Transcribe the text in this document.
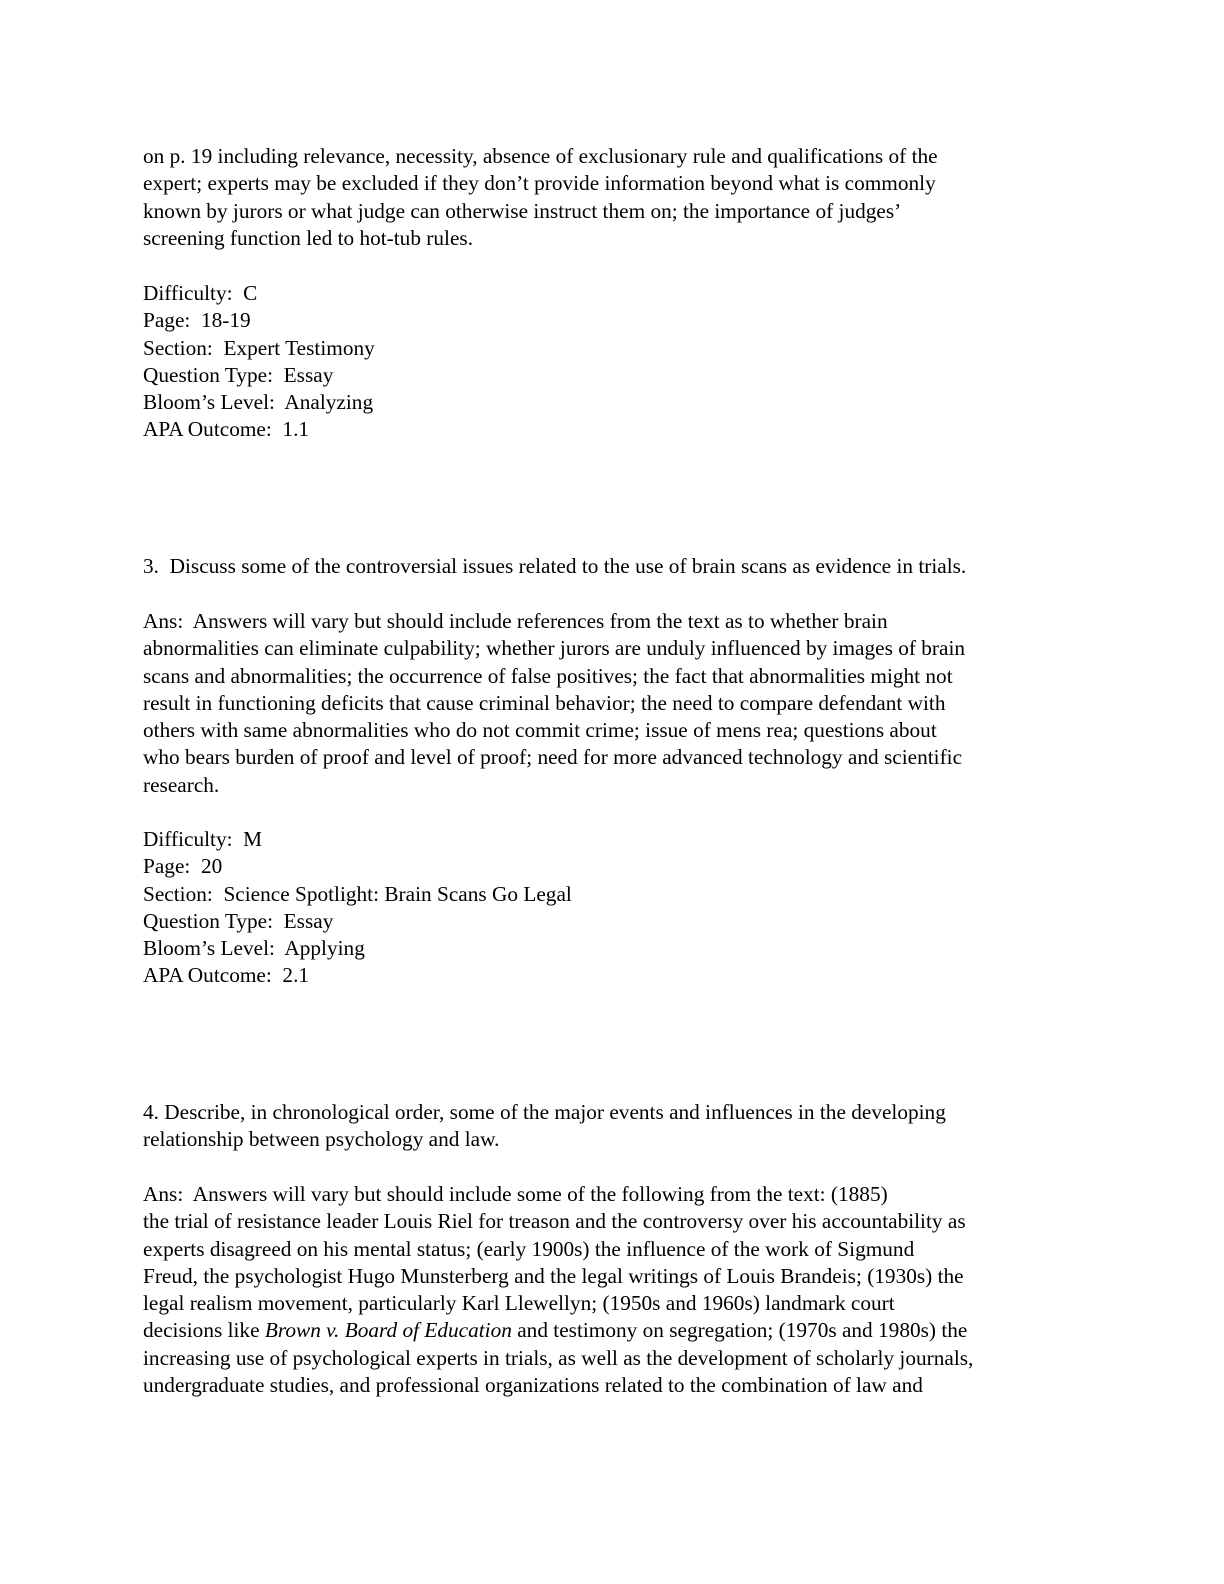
on p. 19 including relevance, necessity, absence of exclusionary rule and qualifications of the
expert; experts may be excluded if they don’t provide information beyond what is commonly
known by jurors or what judge can otherwise instruct them on; the importance of judges’
screening function led to hot-tub rules.
Difficulty:  C
Page:  18-19
Section:  Expert Testimony
Question Type:  Essay
Bloom’s Level:  Analyzing
APA Outcome:  1.1
3.  Discuss some of the controversial issues related to the use of brain scans as evidence in trials.
Ans:  Answers will vary but should include references from the text as to whether brain
abnormalities can eliminate culpability; whether jurors are unduly influenced by images of brain
scans and abnormalities; the occurrence of false positives; the fact that abnormalities might not
result in functioning deficits that cause criminal behavior; the need to compare defendant with
others with same abnormalities who do not commit crime; issue of mens rea; questions about
who bears burden of proof and level of proof; need for more advanced technology and scientific
research.
Difficulty:  M
Page:  20
Section:  Science Spotlight: Brain Scans Go Legal
Question Type:  Essay
Bloom’s Level:  Applying
APA Outcome:  2.1
4. Describe, in chronological order, some of the major events and influences in the developing
relationship between psychology and law.
Ans:  Answers will vary but should include some of the following from the text: (1885)
the trial of resistance leader Louis Riel for treason and the controversy over his accountability as
experts disagreed on his mental status; (early 1900s) the influence of the work of Sigmund
Freud, the psychologist Hugo Munsterberg and the legal writings of Louis Brandeis; (1930s) the
legal realism movement, particularly Karl Llewellyn; (1950s and 1960s) landmark court
decisions like Brown v. Board of Education and testimony on segregation; (1970s and 1980s) the
increasing use of psychological experts in trials, as well as the development of scholarly journals,
undergraduate studies, and professional organizations related to the combination of law and
